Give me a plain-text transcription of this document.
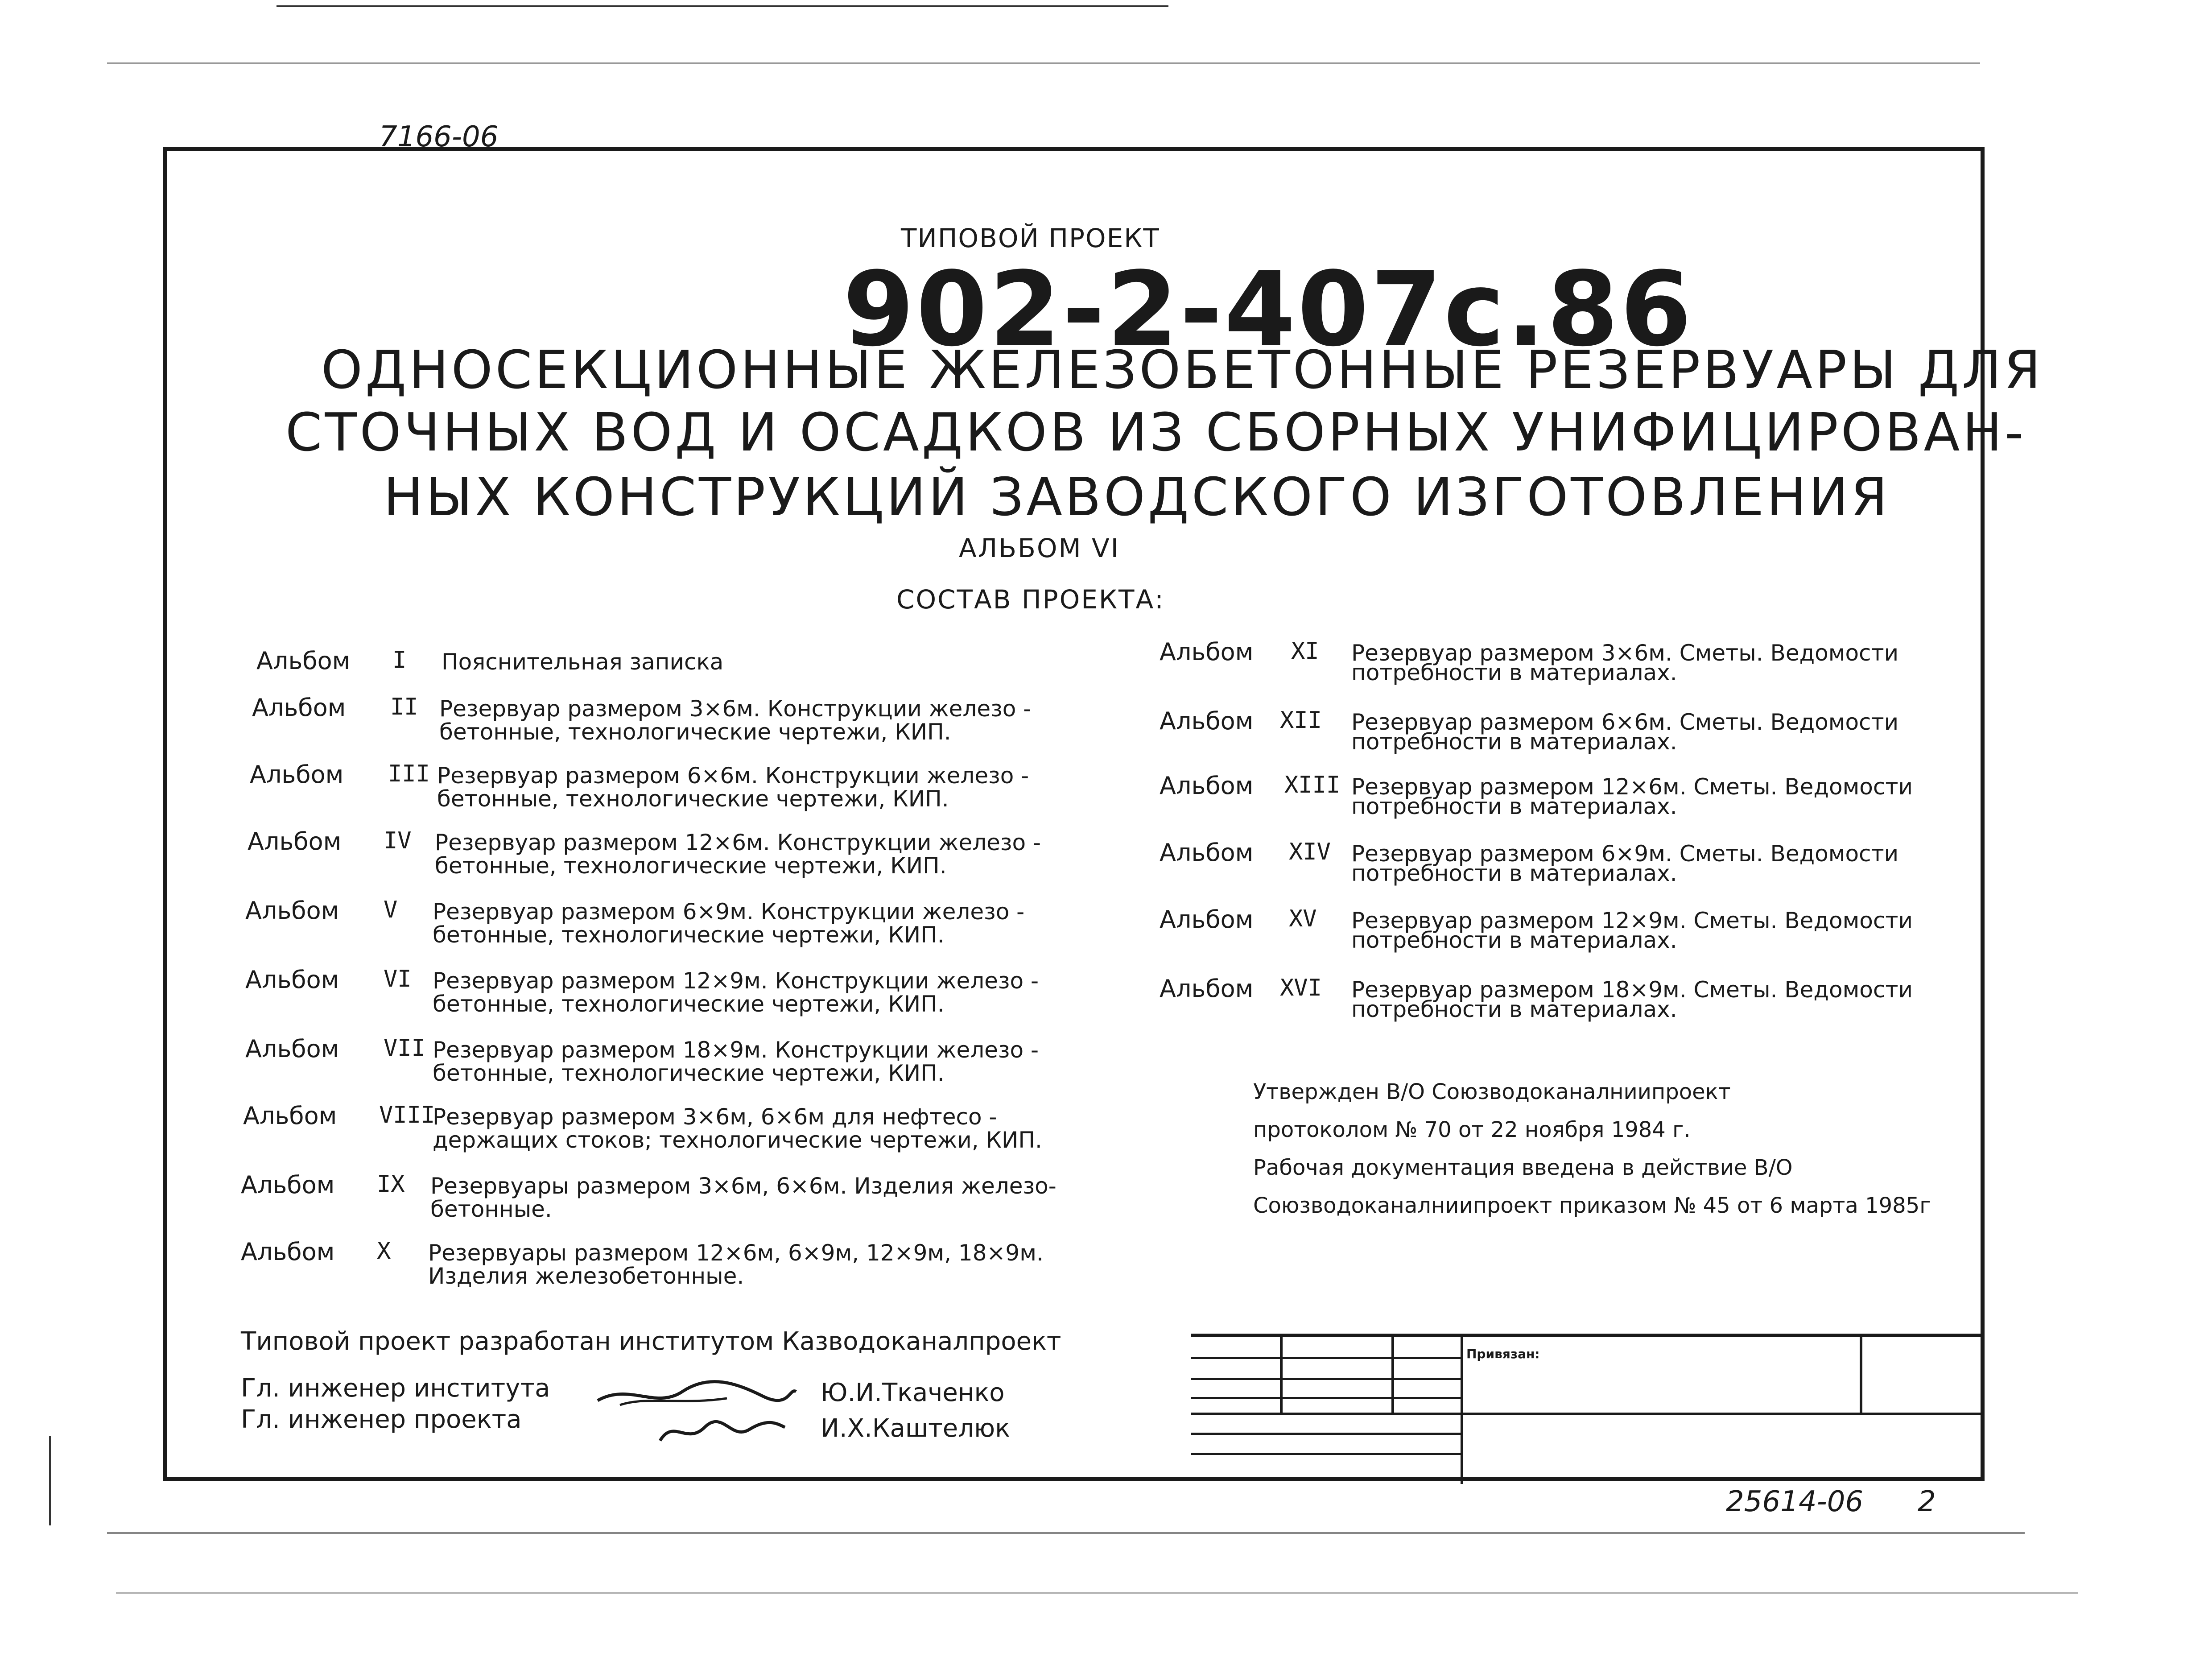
7166-06
ТИПОВОЙ ПРОЕКТ
902-2-407с.86
ОДНОСЕКЦИОННЫЕ ЖЕЛЕЗОБЕТОННЫЕ РЕЗЕРВУАРЫ ДЛЯ
СТОЧНЫХ ВОД И ОСАДКОВ ИЗ СБОРНЫХ УНИФИЦИРОВАН-
НЫХ КОНСТРУКЦИЙ ЗАВОДСКОГО ИЗГОТОВЛЕНИЯ
АЛЬБОМ VI
СОСТАВ ПРОЕКТА:
Альбом I Пояснительная записка
Альбом II Резервуар размером 3×6м. Конструкции железо -
бетонные, технологические чертежи, КИП.
Альбом III Резервуар размером 6×6м. Конструкции железо -
бетонные, технологические чертежи, КИП.
Альбом IV Резервуар размером 12×6м. Конструкции железо -
бетонные, технологические чертежи, КИП.
Альбом V Резервуар размером 6×9м. Конструкции железо -
бетонные, технологические чертежи, КИП.
Альбом VI Резервуар размером 12×9м. Конструкции железо -
бетонные, технологические чертежи, КИП.
Альбом VII Резервуар размером 18×9м. Конструкции железо -
бетонные, технологические чертежи, КИП.
Альбом VIII
Резервуар размером 3×6м, 6×6м для нефтесо -
держащих стоков; технологические чертежи, КИП.
Альбом IX Резервуары размером 3×6м, 6×6м. Изделия железо-
бетонные.
Альбом X Резервуары размером 12×6м, 6×9м, 12×9м, 18×9м.
Изделия железобетонные.
Альбом XI Резервуар размером 3×6м. Сметы. Ведомости
потребности в материалах.
Альбом XII Резервуар размером 6×6м. Сметы. Ведомости
потребности в материалах.
Альбом XIII Резервуар размером 12×6м. Сметы. Ведомости
потребности в материалах.
Альбом XIV Резервуар размером 6×9м. Сметы. Ведомости
потребности в материалах.
Альбом XV Резервуар размером 12×9м. Сметы. Ведомости
потребности в материалах.
Альбом XVI Резервуар размером 18×9м. Сметы. Ведомости
потребности в материалах.
Утвержден В/О Союзводоканалниипроект
протоколом № 70 от 22 ноября 1984 г.
Рабочая документация введена в действие В/О
Союзводоканалниипроект приказом № 45 от 6 марта 1985г
Типовой проект разработан институтом Казводоканалпроект
Гл. инженер института
Гл. инженер проекта
Ю.И.Ткаченко
И.Х.Каштелюк
Привязан:
25614-06 2
